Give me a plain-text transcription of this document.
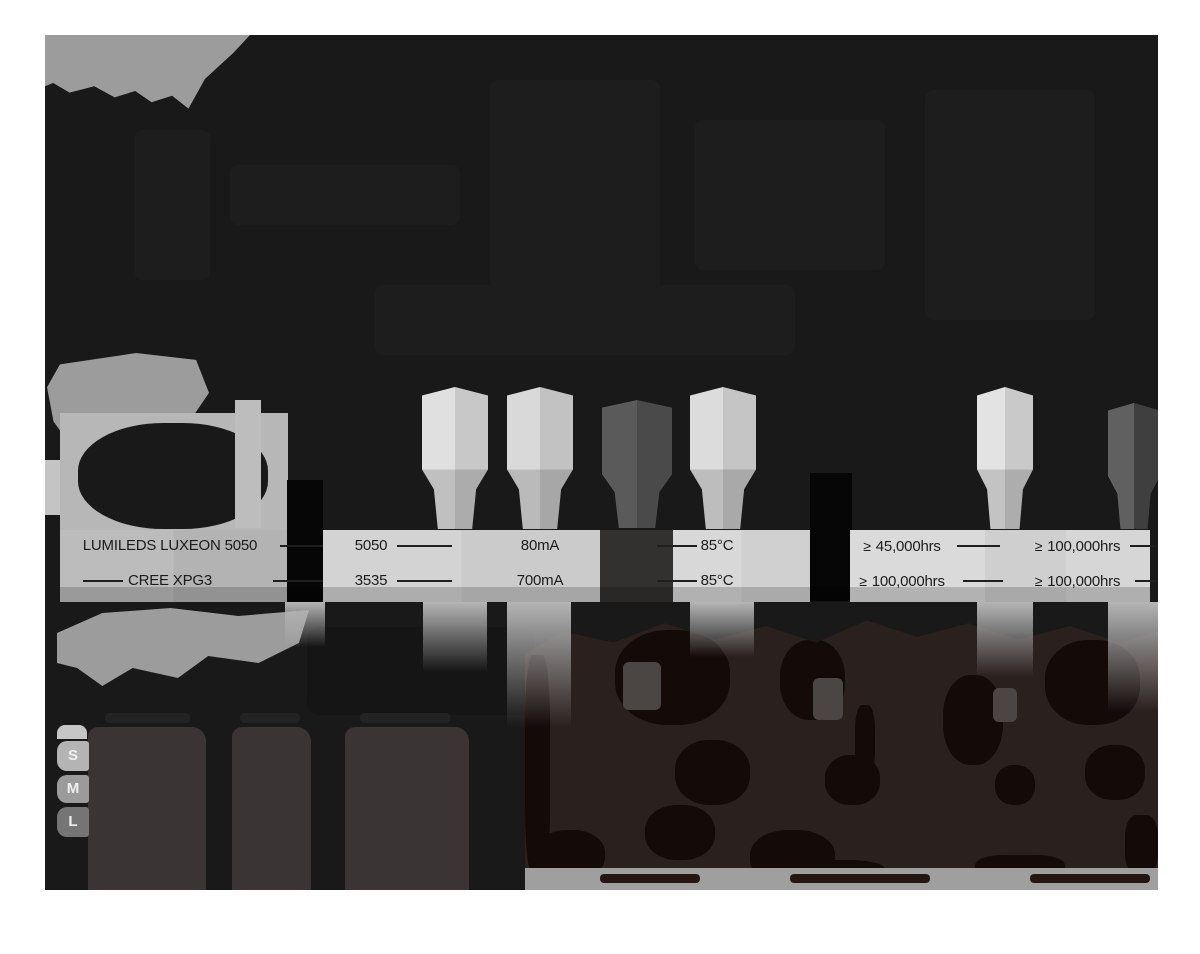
LUMILEDS LUXEON 5050	5050	80mA	85°C	≥ 45,000hrs	≥ 100,000hrs
CREE XPG3	3535	700mA	85°C	≥ 100,000hrs	≥ 100,000hrs
S
M
L
